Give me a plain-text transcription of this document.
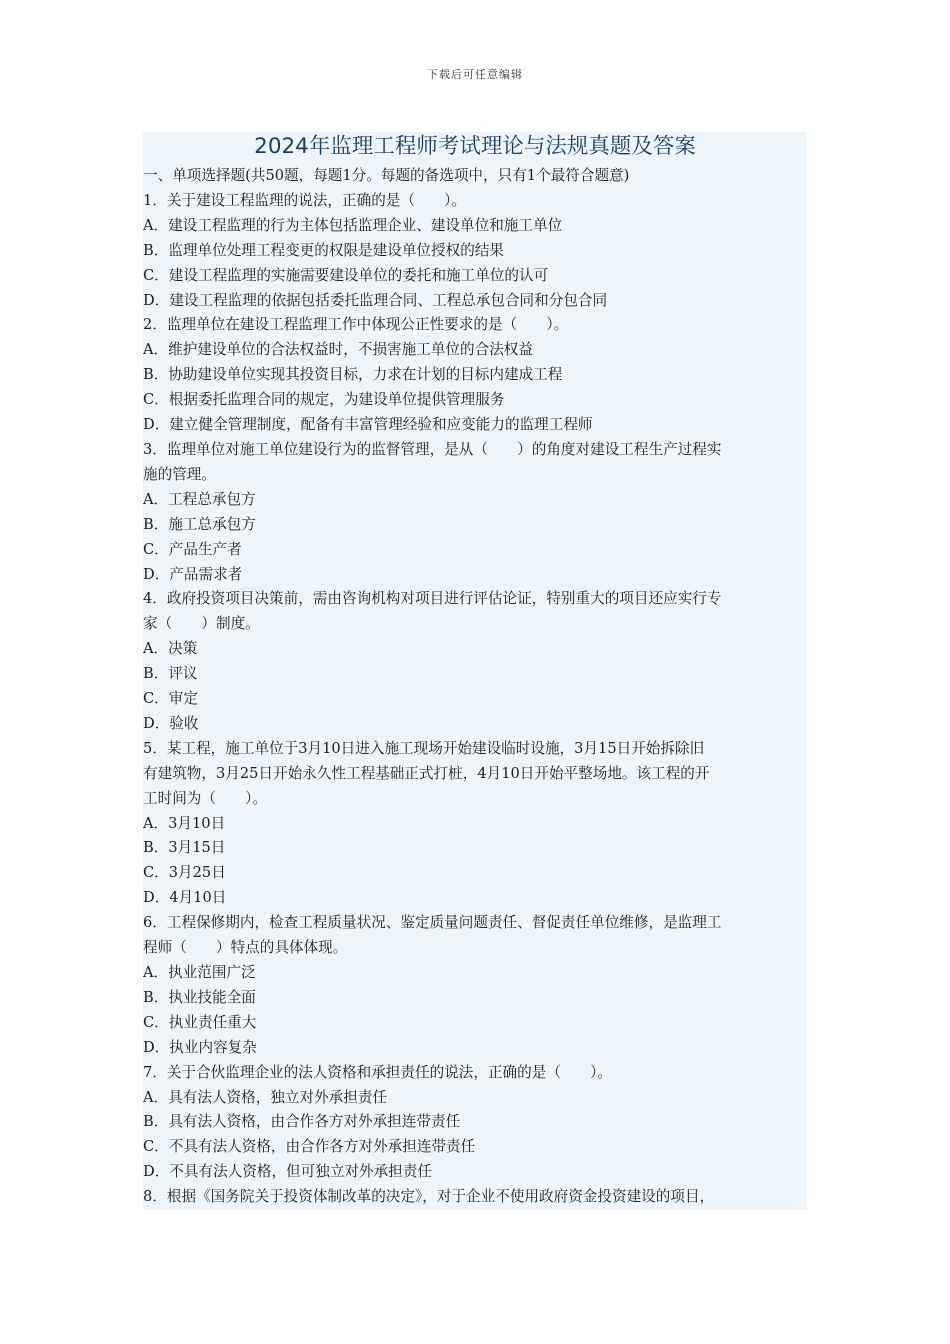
下载后可任意编辑
2024年监理工程师考试理论与法规真题及答案
一、单项选择题(共50题，每题1分。每题的备选项中，只有1个最符合题意)
1．关于建设工程监理的说法，正确的是（　　）。
A．建设工程监理的行为主体包括监理企业、建设单位和施工单位
B．监理单位处理工程变更的权限是建设单位授权的结果
C．建设工程监理的实施需要建设单位的委托和施工单位的认可
D．建设工程监理的依据包括委托监理合同、工程总承包合同和分包合同
2．监理单位在建设工程监理工作中体现公正性要求的是（　　）。
A．维护建设单位的合法权益时，不损害施工单位的合法权益
B．协助建设单位实现其投资目标，力求在计划的目标内建成工程
C．根据委托监理合同的规定，为建设单位提供管理服务
D．建立健全管理制度，配备有丰富管理经验和应变能力的监理工程师
3．监理单位对施工单位建设行为的监督管理，是从（　　）的角度对建设工程生产过程实
施的管理。
A．工程总承包方
B．施工总承包方
C．产品生产者
D．产品需求者
4．政府投资项目决策前，需由咨询机构对项目进行评估论证，特别重大的项目还应实行专
家（　　）制度。
A．决策
B．评议
C．审定
D．验收
5．某工程，施工单位于3月10日进入施工现场开始建设临时设施，3月15日开始拆除旧
有建筑物，3月25日开始永久性工程基础正式打桩，4月10日开始平整场地。该工程的开
工时间为（　　）。
A．3月10日
B．3月15日
C．3月25日
D．4月10日
6．工程保修期内，检查工程质量状况、鉴定质量问题责任、督促责任单位维修，是监理工
程师（　　）特点的具体体现。
A．执业范围广泛
B．执业技能全面
C．执业责任重大
D．执业内容复杂
7．关于合伙监理企业的法人资格和承担责任的说法，正确的是（　　）。
A．具有法人资格，独立对外承担责任
B．具有法人资格，由合作各方对外承担连带责任
C．不具有法人资格，由合作各方对外承担连带责任
D．不具有法人资格，但可独立对外承担责任
8．根据《国务院关于投资体制改革的决定》，对于企业不使用政府资金投资建设的项目，
